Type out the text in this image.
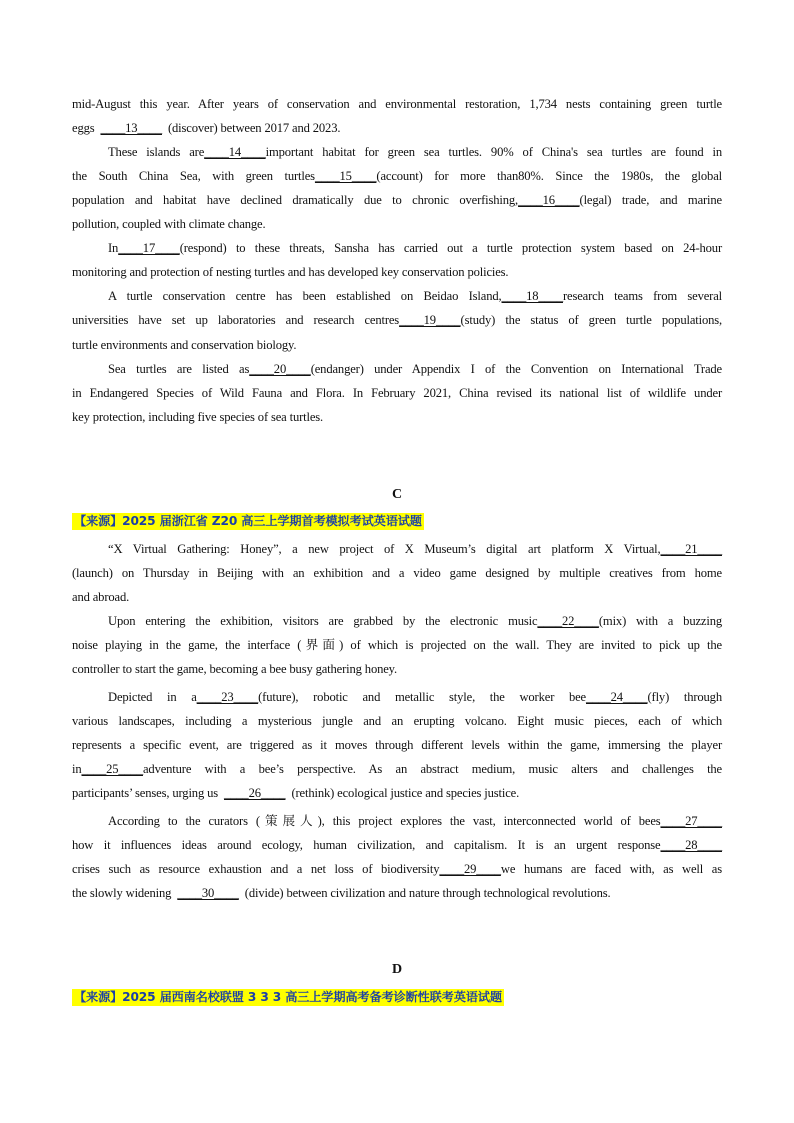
mid-August this year. After years of conservation and environmental restoration, 1,734 nests containing green turtle
eggs ____13____ (discover) between 2017 and 2023.
These islands are____14____important habitat for green sea turtles. 90% of China's sea turtles are found in
the South China Sea, with green turtles____15____(account) for more than80%. Since the 1980s, the global
population and habitat have declined dramatically due to chronic overfishing,____16____(legal) trade, and marine
pollution, coupled with climate change.
In____17____(respond) to these threats, Sansha has carried out a turtle protection system based on 24-hour
monitoring and protection of nesting turtles and has developed key conservation policies.
A turtle conservation centre has been established on Beidao Island,____18____research teams from several
universities have set up laboratories and research centres____19____(study) the status of green turtle populations,
turtle environments and conservation biology.
Sea turtles are listed as____20____(endanger) under Appendix I of the Convention on International Trade
in Endangered Species of Wild Fauna and Flora. In February 2021, China revised its national list of wildlife under
key protection, including five species of sea turtles.
C
【来源】2025 届浙江省 Z20 高三上学期首考模拟考试英语试题
“X Virtual Gathering: Honey”, a new project of X Museum’s digital art platform X Virtual,____21____
(launch) on Thursday in Beijing with an exhibition and a video game designed by multiple creatives from home
and abroad.
Upon entering the exhibition, visitors are grabbed by the electronic music____22____(mix) with a buzzing
noise playing in the game, the interface (界面) of which is projected on the wall. They are invited to pick up the
controller to start the game, becoming a bee busy gathering honey.
Depicted in a____23____(future), robotic and metallic style, the worker bee____24____(fly) through
various landscapes, including a mysterious jungle and an erupting volcano. Eight music pieces, each of which
represents a specific event, are triggered as it moves through different levels within the game, immersing the player
in____25____adventure with a bee’s perspective. As an abstract medium, music alters and challenges the
participants’ senses, urging us ____26____ (rethink) ecological justice and species justice.
According to the curators (策展人), this project explores the vast, interconnected world of bees____27____
how it influences ideas around ecology, human civilization, and capitalism. It is an urgent response____28____
crises such as resource exhaustion and a net loss of biodiversity____29____we humans are faced with, as well as
the slowly widening ____30____ (divide) between civilization and nature through technological revolutions.
D
【来源】2025 届西南名校联盟 3 3 3 高三上学期高考备考诊断性联考英语试题
